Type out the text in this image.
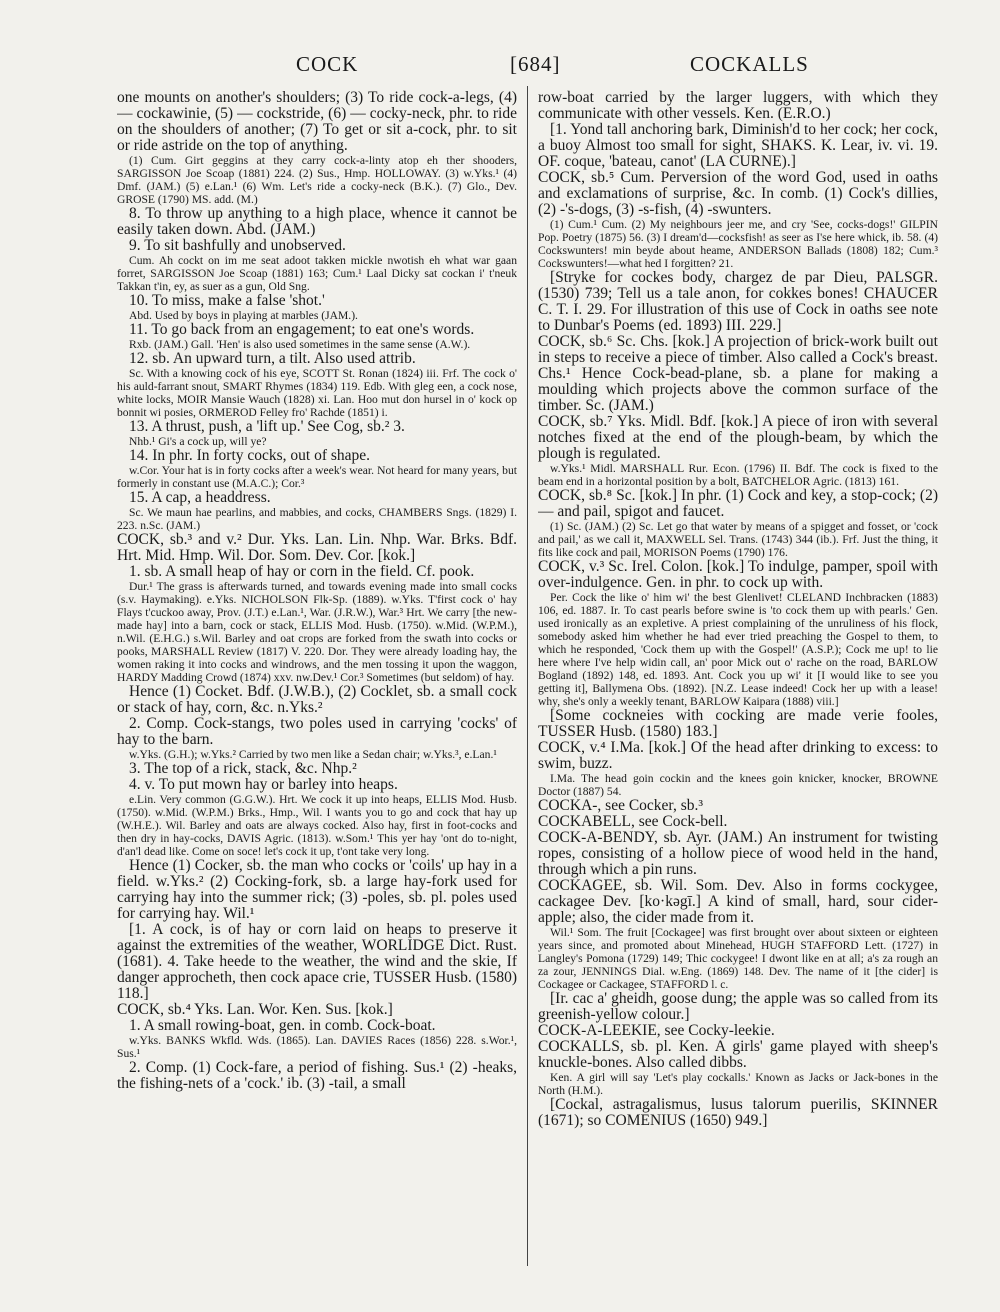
COCK	[684]	COCKALLS

one mounts on another's shoulders; (3) To ride cock-a-legs, (4) — cockawinie, (5) — cockstride, (6) — cocky-neck, phr. to ride on the shoulders of another; (7) To get or sit a-cock, phr. to sit or ride astride on the top of anything.

(1) Cum. Girt geggins at they carry cock-a-linty atop eh ther shooders, SARGISSON Joe Scoap (1881) 224. (2) Sus., Hmp. HOLLOWAY. (3) w.Yks.¹ (4) Dmf. (JAM.) (5) e.Lan.¹ (6) Wm. Let's ride a cocky-neck (B.K.). (7) Glo., Dev. GROSE (1790) MS. add. (M.)

8. To throw up anything to a high place, whence it cannot be easily taken down. Abd. (JAM.)

9. To sit bashfully and unobserved.

Cum. Ah cockt on im me seat adoot takken mickle nwotish eh what war gaan forret, SARGISSON Joe Scoap (1881) 163; Cum.¹ Laal Dicky sat cockan i' t'neuk Takkan t'in, ey, as suer as a gun, Old Sng.

10. To miss, make a false 'shot.'

Abd. Used by boys in playing at marbles (JAM.).

11. To go back from an engagement; to eat one's words.

Rxb. (JAM.) Gall. 'Hen' is also used sometimes in the same sense (A.W.).

12. sb. An upward turn, a tilt. Also used attrib.

Sc. With a knowing cock of his eye, SCOTT St. Ronan (1824) iii. Frf. The cock o' his auld-farrant snout, SMART Rhymes (1834) 119. Edb. With gleg een, a cock nose, white locks, MOIR Mansie Wauch (1828) xi. Lan. Hoo mut don hursel in o' kock op bonnit wi posies, ORMEROD Felley fro' Rachde (1851) i.

13. A thrust, push, a 'lift up.' See Cog, sb.² 3.

Nhb.¹ Gi's a cock up, will ye?

14. In phr. In forty cocks, out of shape.

w.Cor. Your hat is in forty cocks after a week's wear. Not heard for many years, but formerly in constant use (M.A.C.); Cor.³

15. A cap, a headdress.

Sc. We maun hae pearlins, and mabbies, and cocks, CHAMBERS Sngs. (1829) I. 223. n.Sc. (JAM.)

COCK, sb.³ and v.² Dur. Yks. Lan. Lin. Nhp. War. Brks. Bdf. Hrt. Mid. Hmp. Wil. Dor. Som. Dev. Cor. [kok.]

1. sb. A small heap of hay or corn in the field. Cf. pook.

Dur.¹ The grass is afterwards turned, and towards evening made into small cocks (s.v. Haymaking). e.Yks. NICHOLSON Flk-Sp. (1889). w.Yks. T'first cock o' hay Flays t'cuckoo away, Prov. (J.T.) e.Lan.¹, War. (J.R.W.), War.³ Hrt. We carry [the new-made hay] into a barn, cock or stack, ELLIS Mod. Husb. (1750). w.Mid. (W.P.M.), n.Wil. (E.H.G.) s.Wil. Barley and oat crops are forked from the swath into cocks or pooks, MARSHALL Review (1817) V. 220. Dor. They were already loading hay, the women raking it into cocks and windrows, and the men tossing it upon the waggon, HARDY Madding Crowd (1874) xxv. nw.Dev.¹ Cor.³ Sometimes (but seldom) of hay.

Hence (1) Cocket. Bdf. (J.W.B.), (2) Cocklet, sb. a small cock or stack of hay, corn, &c. n.Yks.²

2. Comp. Cock-stangs, two poles used in carrying 'cocks' of hay to the barn.

w.Yks. (G.H.); w.Yks.² Carried by two men like a Sedan chair; w.Yks.³, e.Lan.¹

3. The top of a rick, stack, &c. Nhp.²

4. v. To put mown hay or barley into heaps.

e.Lin. Very common (G.G.W.). Hrt. We cock it up into heaps, ELLIS Mod. Husb. (1750). w.Mid. (W.P.M.) Brks., Hmp., Wil. I wants you to go and cock that hay up (W.H.E.). Wil. Barley and oats are always cocked. Also hay, first in foot-cocks and then dry in hay-cocks, DAVIS Agric. (1813). w.Som.¹ This yer hay 'ont do to-night, d'an'l dead like. Come on soce! let's cock it up, t'ont take very long.

Hence (1) Cocker, sb. the man who cocks or 'coils' up hay in a field. w.Yks.² (2) Cocking-fork, sb. a large hay-fork used for carrying hay into the summer rick; (3) -poles, sb. pl. poles used for carrying hay. Wil.¹

[1. A cock, is of hay or corn laid on heaps to preserve it against the extremities of the weather, WORLIDGE Dict. Rust. (1681). 4. Take heede to the weather, the wind and the skie, If danger approcheth, then cock apace crie, TUSSER Husb. (1580) 118.]

COCK, sb.⁴ Yks. Lan. Wor. Ken. Sus. [kok.]

1. A small rowing-boat, gen. in comb. Cock-boat.

w.Yks. BANKS Wkfld. Wds. (1865). Lan. DAVIES Races (1856) 228. s.Wor.¹, Sus.¹

2. Comp. (1) Cock-fare, a period of fishing. Sus.¹ (2) -heaks, the fishing-nets of a 'cock.' ib. (3) -tail, a small

row-boat carried by the larger luggers, with which they communicate with other vessels. Ken. (E.R.O.)

[1. Yond tall anchoring bark, Diminish'd to her cock; her cock, a buoy Almost too small for sight, SHAKS. K. Lear, iv. vi. 19. OF. coque, 'bateau, canot' (LA CURNE).]

COCK, sb.⁵ Cum. Perversion of the word God, used in oaths and exclamations of surprise, &c. In comb. (1) Cock's dillies, (2) -'s-dogs, (3) -s-fish, (4) -swunters.

(1) Cum.¹ Cum. (2) My neighbours jeer me, and cry 'See, cocks-dogs!' GILPIN Pop. Poetry (1875) 56. (3) I dream'd—cocksfish! as seer as I'se here whick, ib. 58. (4) Cockswunters! min beyde about heame, ANDERSON Ballads (1808) 182; Cum.³ Cockswunters!—what hed I forgitten? 21.

[Stryke for cockes body, chargez de par Dieu, PALSGR. (1530) 739; Tell us a tale anon, for cokkes bones! CHAUCER C. T. I. 29. For illustration of this use of Cock in oaths see note to Dunbar's Poems (ed. 1893) III. 229.]

COCK, sb.⁶ Sc. Chs. [kok.] A projection of brick-work built out in steps to receive a piece of timber. Also called a Cock's breast. Chs.¹ Hence Cock-bead-plane, sb. a plane for making a moulding which projects above the common surface of the timber. Sc. (JAM.)

COCK, sb.⁷ Yks. Midl. Bdf. [kok.] A piece of iron with several notches fixed at the end of the plough-beam, by which the plough is regulated.

w.Yks.¹ Midl. MARSHALL Rur. Econ. (1796) II. Bdf. The cock is fixed to the beam end in a horizontal position by a bolt, BATCHELOR Agric. (1813) 161.

COCK, sb.⁸ Sc. [kok.] In phr. (1) Cock and key, a stop-cock; (2) — and pail, spigot and faucet.

(1) Sc. (JAM.) (2) Sc. Let go that water by means of a spigget and fosset, or 'cock and pail,' as we call it, MAXWELL Sel. Trans. (1743) 344 (ib.). Frf. Just the thing, it fits like cock and pail, MORISON Poems (1790) 176.

COCK, v.³ Sc. Irel. Colon. [kok.] To indulge, pamper, spoil with over-indulgence. Gen. in phr. to cock up with.

Per. Cock the like o' him wi' the best Glenlivet! CLELAND Inchbracken (1883) 106, ed. 1887. Ir. To cast pearls before swine is 'to cock them up with pearls.' Gen. used ironically as an expletive. A priest complaining of the unruliness of his flock, somebody asked him whether he had ever tried preaching the Gospel to them, to which he responded, 'Cock them up with the Gospel!' (A.S.P.); Cock me up! to lie here where I've help widin call, an' poor Mick out o' rache on the road, BARLOW Bogland (1892) 148, ed. 1893. Ant. Cock you up wi' it [I would like to see you getting it], Ballymena Obs. (1892). [N.Z. Lease indeed! Cock her up with a lease! why, she's only a weekly tenant, BARLOW Kaipara (1888) viii.]

[Some cockneies with cocking are made verie fooles, TUSSER Husb. (1580) 183.]

COCK, v.⁴ I.Ma. [kok.] Of the head after drinking to excess: to swim, buzz.

I.Ma. The head goin cockin and the knees goin knicker, knocker, BROWNE Doctor (1887) 54.

COCKA-, see Cocker, sb.³

COCKABELL, see Cock-bell.

COCK-A-BENDY, sb. Ayr. (JAM.) An instrument for twisting ropes, consisting of a hollow piece of wood held in the hand, through which a pin runs.

COCKAGEE, sb. Wil. Som. Dev. Also in forms cockygee, cackagee Dev. [ko·kəgī.] A kind of small, hard, sour cider-apple; also, the cider made from it.

Wil.¹ Som. The fruit [Cockagee] was first brought over about sixteen or eighteen years since, and promoted about Minehead, HUGH STAFFORD Lett. (1727) in Langley's Pomona (1729) 149; Thic cockygee! I dwont like en at all; a's za rough an za zour, JENNINGS Dial. w.Eng. (1869) 148. Dev. The name of it [the cider] is Cockagee or Cackagee, STAFFORD l. c.

[Ir. cac a' gheidh, goose dung; the apple was so called from its greenish-yellow colour.]

COCK-A-LEEKIE, see Cocky-leekie.

COCKALLS, sb. pl. Ken. A girls' game played with sheep's knuckle-bones. Also called dibbs.

Ken. A girl will say 'Let's play cockalls.' Known as Jacks or Jack-bones in the North (H.M.).

[Cockal, astragalismus, lusus talorum puerilis, SKINNER (1671); so COMENIUS (1650) 949.]
